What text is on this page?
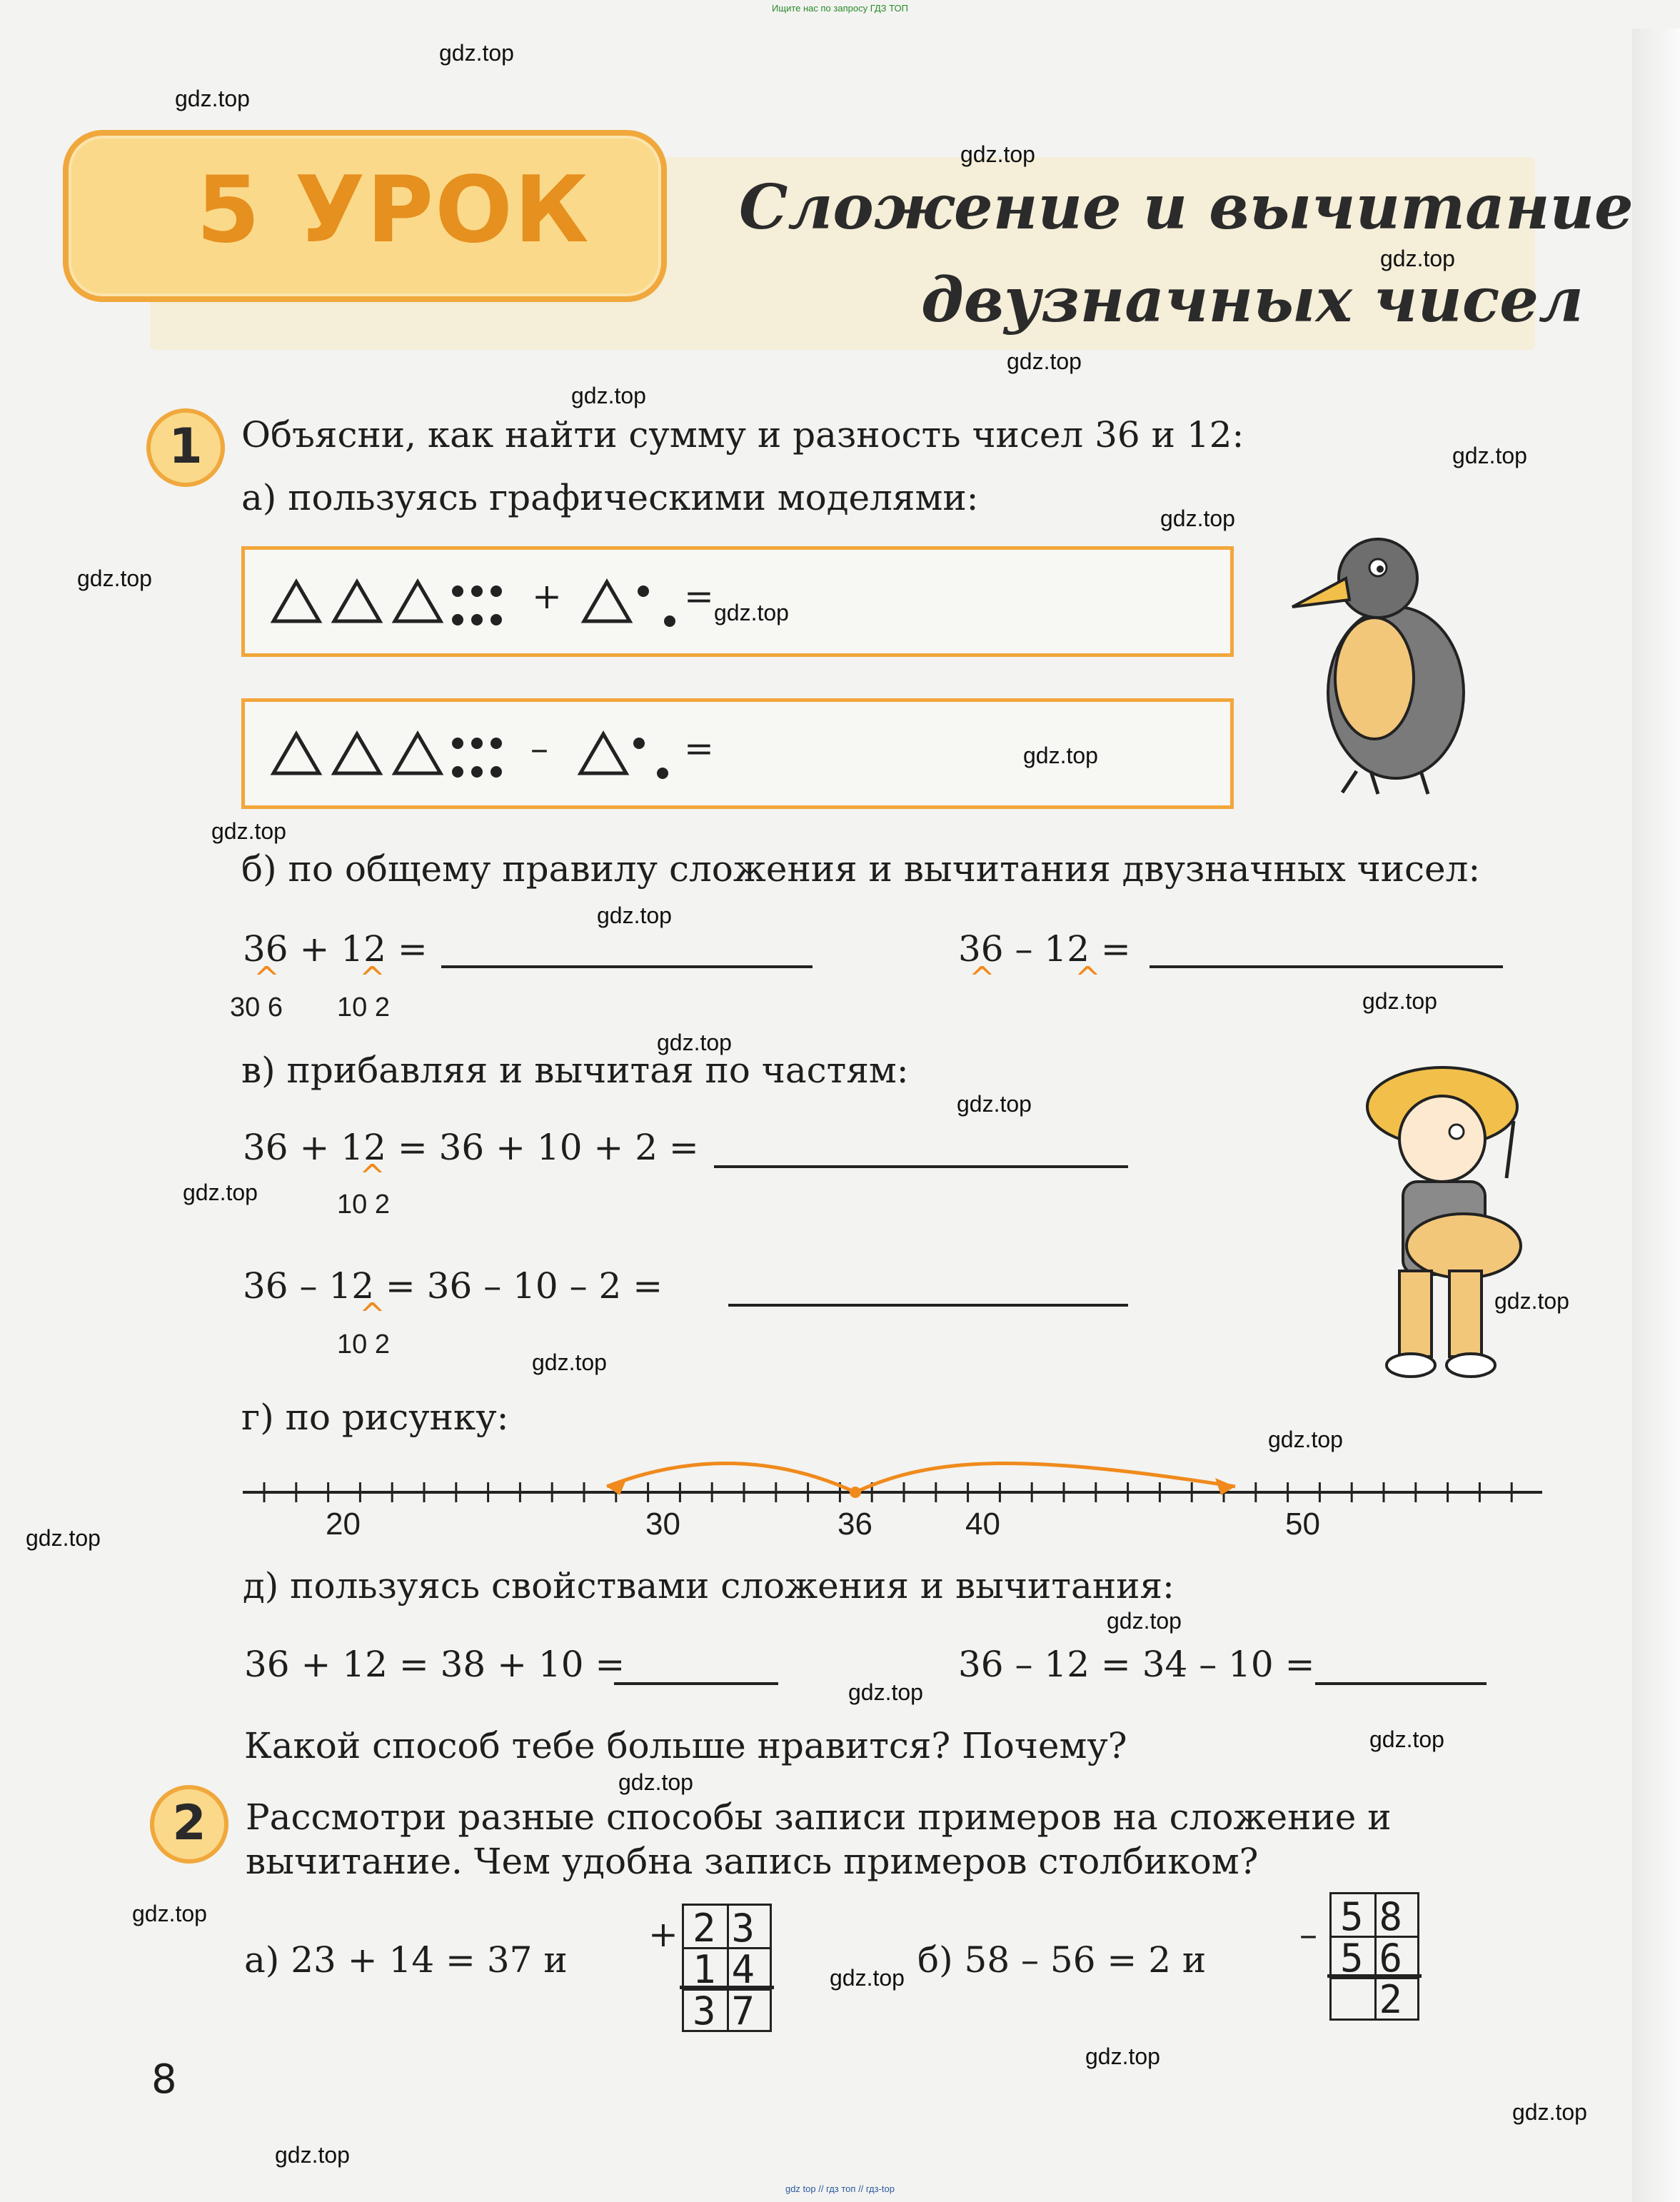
Ищите нас по запросу ГДЗ ТОП
5 УРОК Сложение и вычитание
двузначных чисел
1	Объясни, как найти сумму и разность чисел 36 и 12:
а) пользуясь графическими моделями:
+	=
–	=
б) по общему правилу сложения и вычитания двузначных чисел:
36 + 12 =
^	^
30 6 10 2
36 – 12 =
^	^
в) прибавляя и вычитая по частям:
36 + 12 = 36 + 10 + 2 =
^
10 2
36 – 12 = 36 – 10 – 2 =
^
10 2
г) по рисунку:
20	30	36	40	50
д) пользуясь свойствами сложения и вычитания:
36 + 12 = 38 + 10 =	36 – 12 = 34 – 10 =
Какой способ тебе больше нравится? Почему?
2	Рассмотри разные способы записи примеров на сложение и
вычитание. Чем удобна запись примеров столбиком?
а) 23 + 14 = 37 и	б) 58 – 56 = 2 и
+ 23
14
37
– 58
56
2
8
gdz.top
gdz.top
gdz.top
gdz.top
gdz.top
gdz.top
gdz.top
gdz.top
gdz.top
gdz.top
gdz.top
gdz.top
gdz.top
gdz.top
gdz.top
gdz.top
gdz.top
gdz.top
gdz.top
gdz.top
gdz.top
gdz.top
gdz.top
gdz.top
gdz.top
gdz.top
gdz.top
gdz.top
gdz.top
gdz.top
gdz top // гдз топ // гдз-top
